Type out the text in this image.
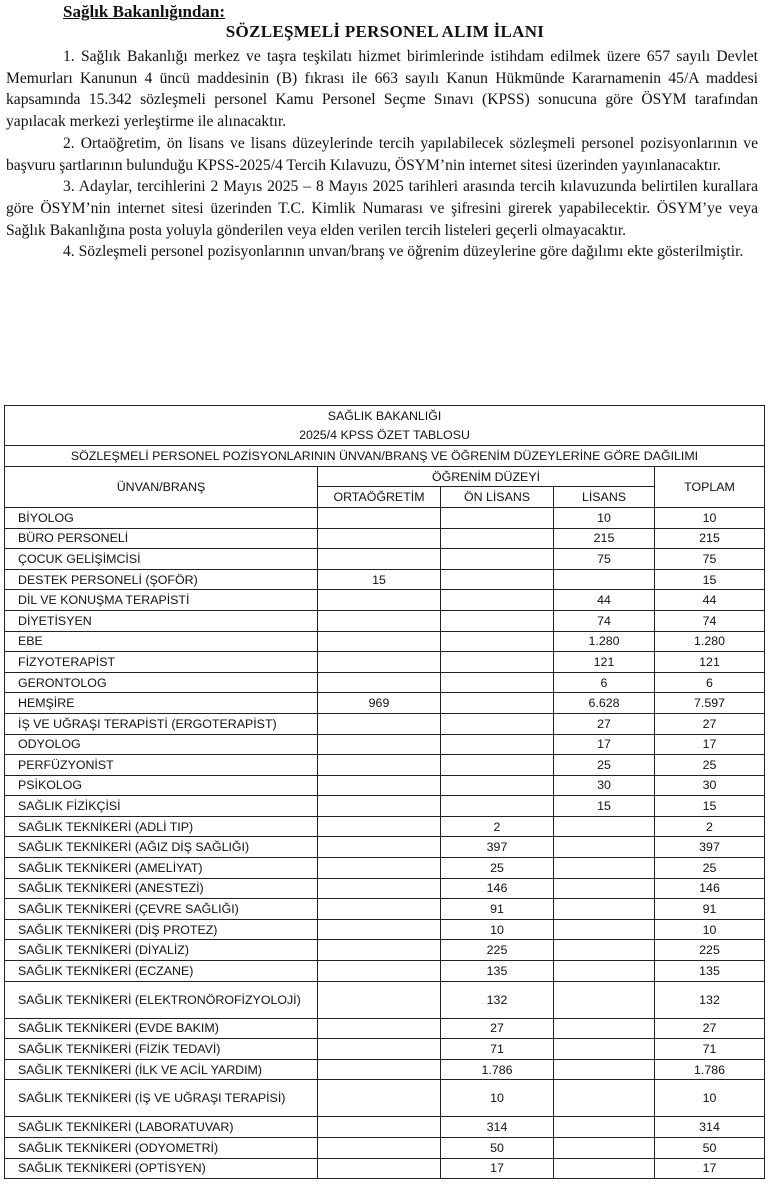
Sağlık Bakanlığından:
SÖZLEŞMELİ PERSONEL ALIM İLANI

1. Sağlık Bakanlığı merkez ve taşra teşkilatı hizmet birimlerinde istihdam edilmek üzere 657 sayılı Devlet Memurları Kanunun 4 üncü maddesinin (B) fıkrası ile 663 sayılı Kanun Hükmünde Kararnamenin 45/A maddesi kapsamında 15.342 sözleşmeli personel Kamu Personel Seçme Sınavı (KPSS) sonucuna göre ÖSYM tarafından yapılacak merkezi yerleştirme ile alınacaktır.

2. Ortaöğretim, ön lisans ve lisans düzeylerinde tercih yapılabilecek sözleşmeli personel pozisyonlarının ve başvuru şartlarının bulunduğu KPSS-2025/4 Tercih Kılavuzu, ÖSYM’nin internet sitesi üzerinden yayınlanacaktır.

3. Adaylar, tercihlerini 2 Mayıs 2025 – 8 Mayıs 2025 tarihleri arasında tercih kılavuzunda belirtilen kurallara göre ÖSYM’nin internet sitesi üzerinden T.C. Kimlik Numarası ve şifresini girerek yapabilecektir. ÖSYM’ye veya Sağlık Bakanlığına posta yoluyla gönderilen veya elden verilen tercih listeleri geçerli olmayacaktır.

4. Sözleşmeli personel pozisyonlarının unvan/branş ve öğrenim düzeylerine göre dağılımı ekte gösterilmiştir.

SAĞLIK BAKANLIĞI				
2025/4 KPSS ÖZET TABLOSU				
SÖZLEŞMELİ PERSONEL POZİSYONLARININ ÜNVAN/BRANŞ VE ÖĞRENİM DÜZEYLERİNE GÖRE DAĞILIMI				
ÜNVAN/BRANŞ	ÖĞRENİM DÜZEYİ			TOPLAM
	ORTAÖĞRETİM	ÖN LİSANS	LİSANS	
BİYOLOG			10	10
BÜRO PERSONELİ			215	215
ÇOCUK GELİŞİMCİSİ			75	75
DESTEK PERSONELİ (ŞOFÖR)	15			15
DİL VE KONUŞMA TERAPİSTİ			44	44
DİYETİSYEN			74	74
EBE			1.280	1.280
FİZYOTERAPİST			121	121
GERONTOLOG			6	6
HEMŞİRE	969		6.628	7.597
İŞ VE UĞRAŞI TERAPİSTİ (ERGOTERAPİST)			27	27
ODYOLOG			17	17
PERFÜZYONİST			25	25
PSİKOLOG			30	30
SAĞLIK FİZİKÇİSİ			15	15
SAĞLIK TEKNİKERİ (ADLİ TIP)		2		2
SAĞLIK TEKNİKERİ (AĞIZ DİŞ SAĞLIĞI)		397		397
SAĞLIK TEKNİKERİ (AMELİYAT)		25		25
SAĞLIK TEKNİKERİ (ANESTEZİ)		146		146
SAĞLIK TEKNİKERİ (ÇEVRE SAĞLIĞI)		91		91
SAĞLIK TEKNİKERİ (DİŞ PROTEZ)		10		10
SAĞLIK TEKNİKERİ (DİYALİZ)		225		225
SAĞLIK TEKNİKERİ (ECZANE)		135		135
SAĞLIK TEKNİKERİ (ELEKTRONÖROFİZYOLOJİ)		132		132
SAĞLIK TEKNİKERİ (EVDE BAKIM)		27		27
SAĞLIK TEKNİKERİ (FİZİK TEDAVİ)		71		71
SAĞLIK TEKNİKERİ (İLK VE ACİL YARDIM)		1.786		1.786
SAĞLIK TEKNİKERİ (İŞ VE UĞRAŞI TERAPİSİ)		10		10
SAĞLIK TEKNİKERİ (LABORATUVAR)		314		314
SAĞLIK TEKNİKERİ (ODYOMETRİ)		50		50
SAĞLIK TEKNİKERİ (OPTİSYEN)		17		17
